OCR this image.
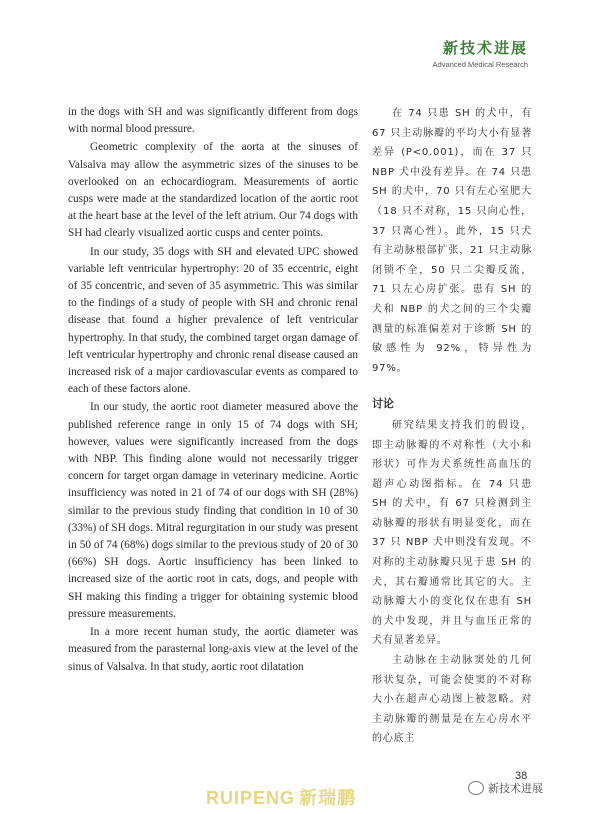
新技术进展
Advanced Medical Research

in the dogs with SH and was significantly different from dogs with normal blood pressure.

Geometric complexity of the aorta at the sinuses of Valsalva may allow the asymmetric sizes of the sinuses to be overlooked on an echocardiogram. Measurements of aortic cusps were made at the standardized location of the aortic root at the heart base at the level of the left atrium. Our 74 dogs with SH had clearly visualized aortic cusps and center points.

In our study, 35 dogs with SH and elevated UPC showed variable left ventricular hypertrophy: 20 of 35 eccentric, eight of 35 concentric, and seven of 35 asymmetric. This was similar to the findings of a study of people with SH and chronic renal disease that found a higher prevalence of left ventricular hypertrophy. In that study, the combined target organ damage of left ventricular hypertrophy and chronic renal disease caused an increased risk of a major cardiovascular events as compared to each of these factors alone.

In our study, the aortic root diameter measured above the published reference range in only 15 of 74 dogs with SH; however, values were significantly increased from the dogs with NBP. This finding alone would not necessarily trigger concern for target organ damage in veterinary medicine. Aortic insufficiency was noted in 21 of 74 of our dogs with SH (28%) similar to the previous study finding that condition in 10 of 30 (33%) of SH dogs. Mitral regurgitation in our study was present in 50 of 74 (68%) dogs similar to the previous study of 20 of 30 (66%) SH dogs. Aortic insufficiency has been linked to increased size of the aortic root in cats, dogs, and people with SH making this finding a trigger for obtaining systemic blood pressure measurements.

In a more recent human study, the aortic diameter was measured from the parasternal long-axis view at the level of the sinus of Valsalva. In that study, aortic root dilatation

在 74 只患 SH 的犬中，有 67 只主动脉瓣的平均大小有显著差异 (P<0.001)，而在 37 只 NBP 犬中没有差异。在 74 只患 SH 的犬中，70 只有左心室肥大（18 只不对称，15 只向心性，37 只离心性）。此外，15 只犬有主动脉根部扩张，21 只主动脉闭锁不全，50 只二尖瓣反流，71 只左心房扩张。患有 SH 的犬和 NBP 的犬之间的三个尖瓣测量的标准偏差对于诊断 SH 的敏感性为 92%，特异性为 97%。

讨论

研究结果支持我们的假设，即主动脉瓣的不对称性（大小和形状）可作为犬系统性高血压的超声心动图指标。在 74 只患 SH 的犬中，有 67 只检测到主动脉瓣的形状有明显变化，而在 37 只 NBP 犬中则没有发现。不对称的主动脉瓣只见于患 SH 的犬，其右瓣通常比其它的大。主动脉瓣大小的变化仅在患有 SH 的犬中发现，并且与血压正常的犬有显著差异。

主动脉在主动脉窦处的几何形状复杂，可能会使窦的不对称大小在超声心动图上被忽略。对主动脉瓣的测量是在左心房水平的心底主

38
RUIPENG 新瑞鹏	新技术进展
